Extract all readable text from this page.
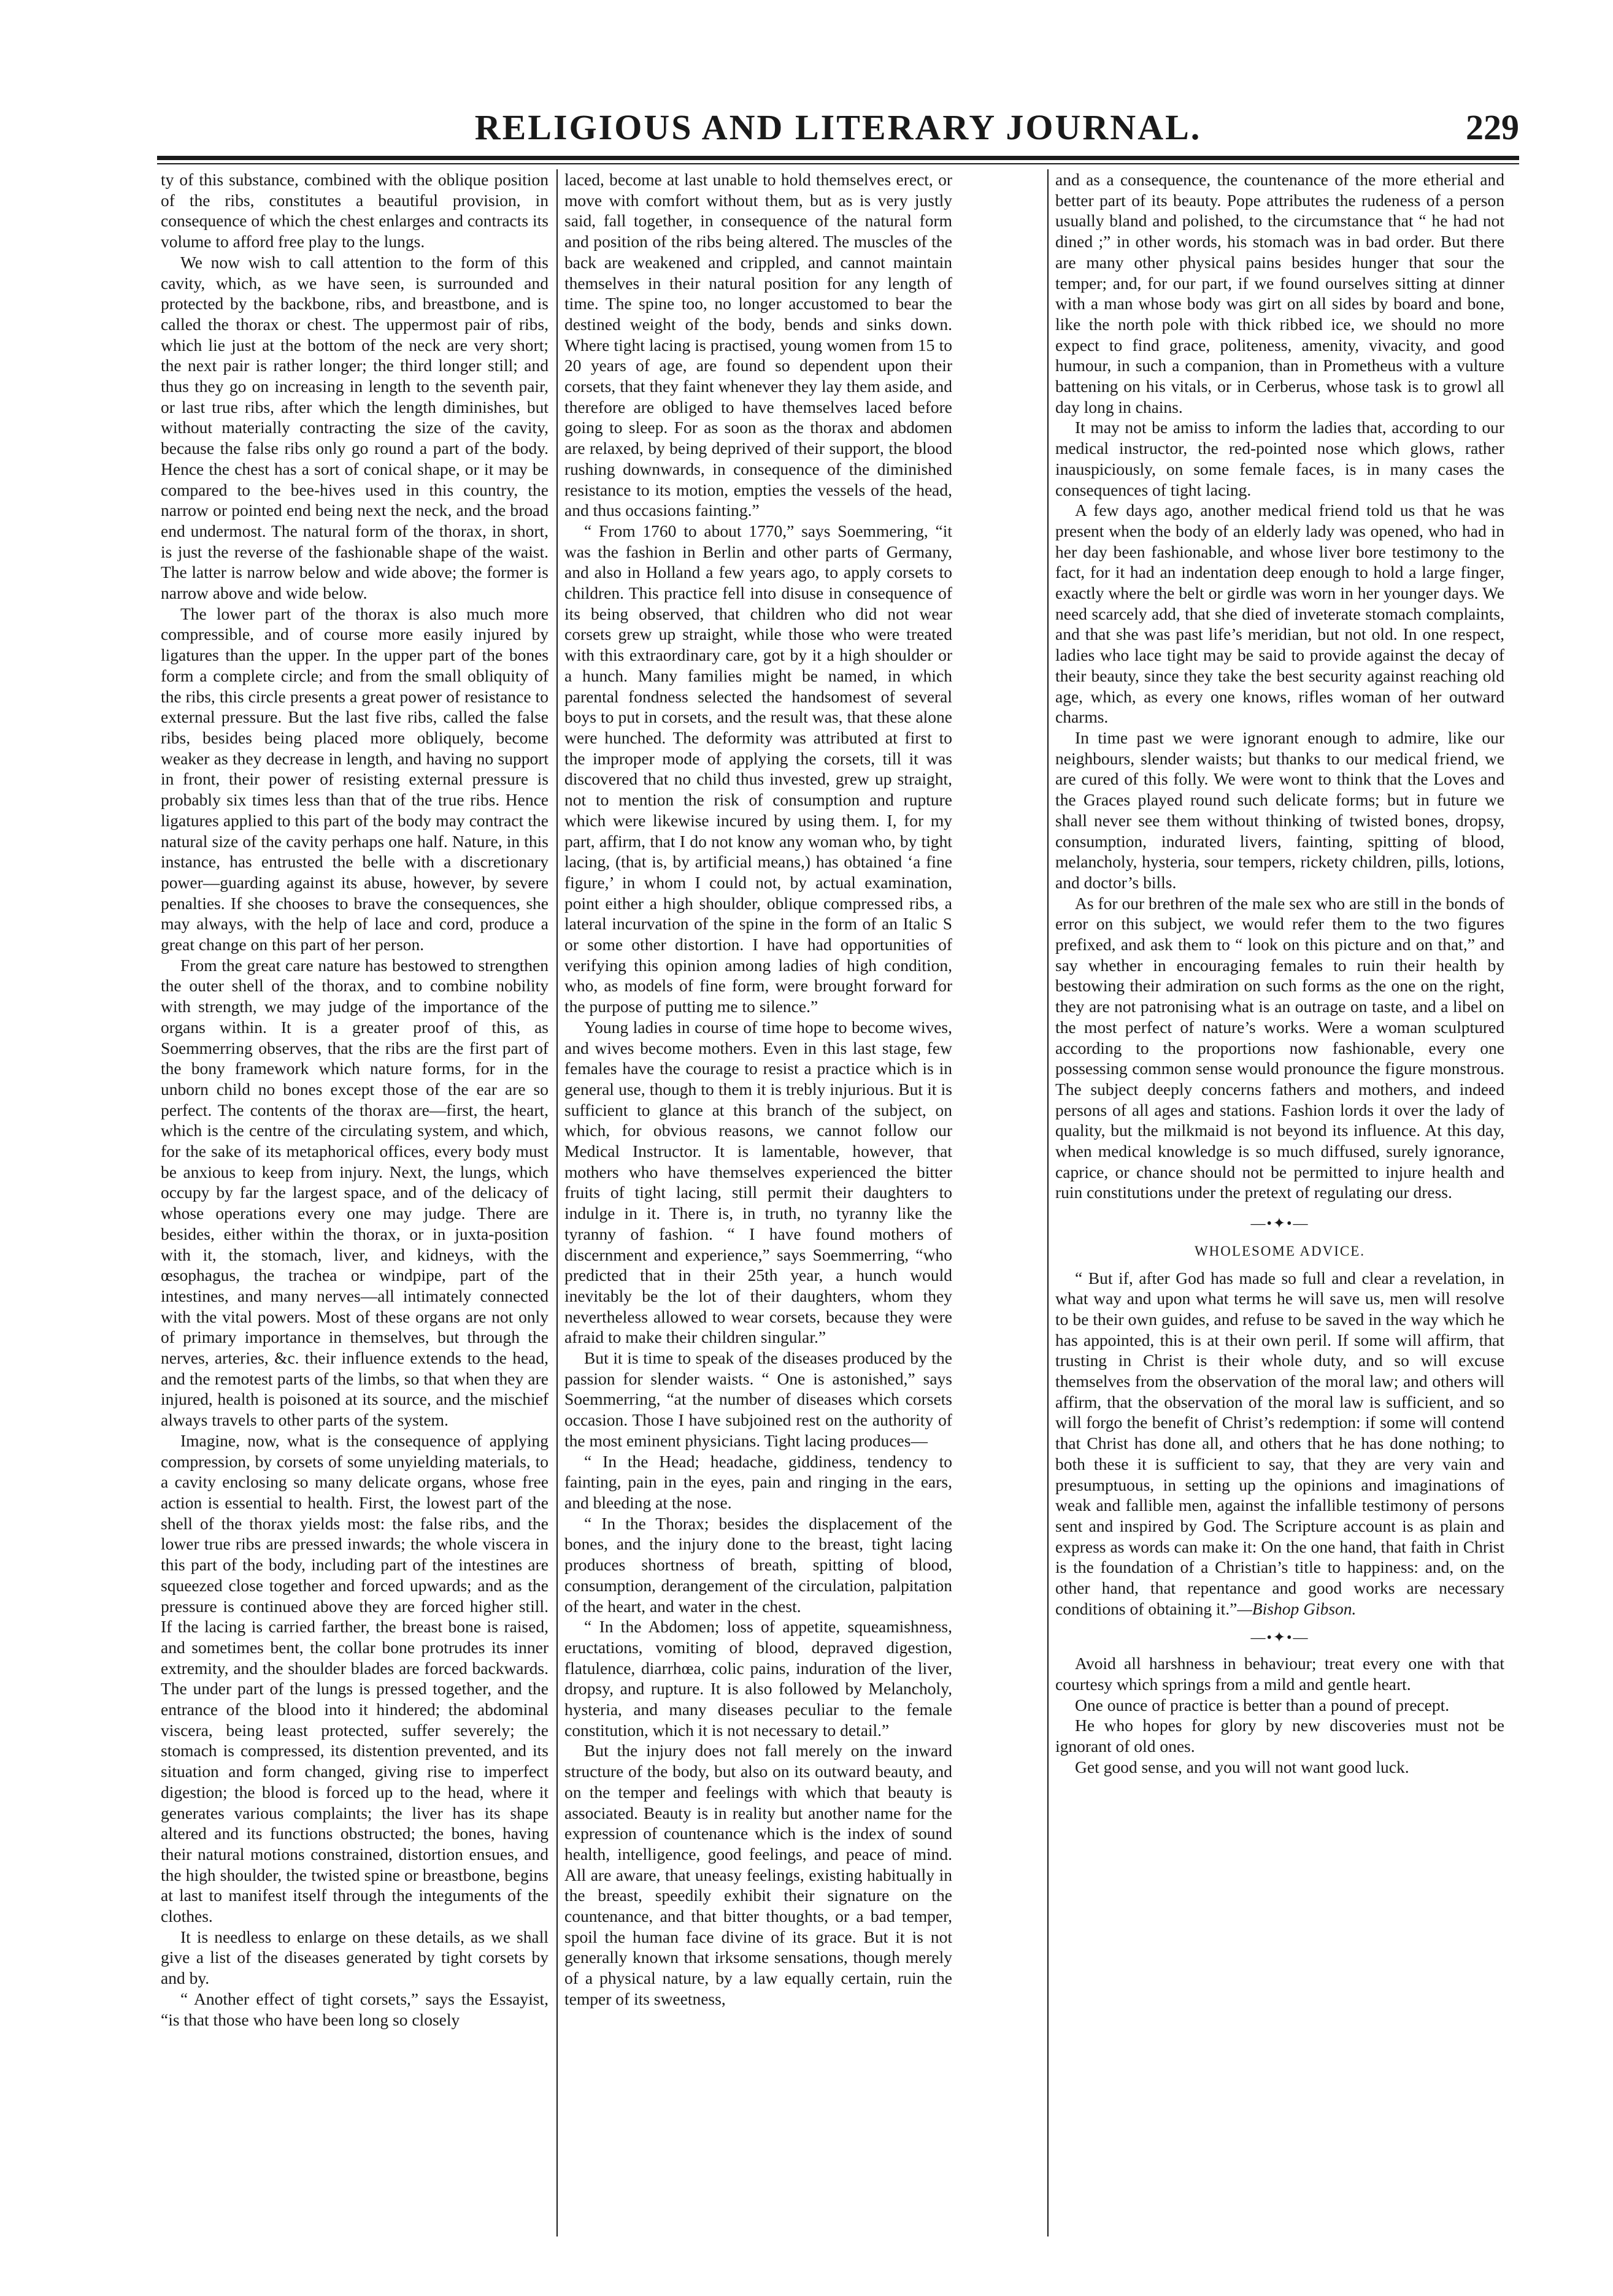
RELIGIOUS AND LITERARY JOURNAL.	229

ty of this substance, combined with the oblique position of the ribs, constitutes a beautiful provision, in consequence of which the chest enlarges and contracts its volume to afford free play to the lungs.

We now wish to call attention to the form of this cavity, which, as we have seen, is surrounded and protected by the backbone, ribs, and breastbone, and is called the thorax or chest. The uppermost pair of ribs, which lie just at the bottom of the neck are very short; the next pair is rather longer; the third longer still; and thus they go on increasing in length to the seventh pair, or last true ribs, after which the length diminishes, but without materially contracting the size of the cavity, because the false ribs only go round a part of the body. Hence the chest has a sort of conical shape, or it may be compared to the bee-hives used in this country, the narrow or pointed end being next the neck, and the broad end undermost. The natural form of the thorax, in short, is just the reverse of the fashionable shape of the waist. The latter is narrow below and wide above; the former is narrow above and wide below.

The lower part of the thorax is also much more compressible, and of course more easily injured by ligatures than the upper. In the upper part of the bones form a complete circle; and from the small obliquity of the ribs, this circle presents a great power of resistance to external pressure. But the last five ribs, called the false ribs, besides being placed more obliquely, become weaker as they decrease in length, and having no support in front, their power of resisting external pressure is probably six times less than that of the true ribs. Hence ligatures applied to this part of the body may contract the natural size of the cavity perhaps one half. Nature, in this instance, has entrusted the belle with a discretionary power—guarding against its abuse, however, by severe penalties. If she chooses to brave the consequences, she may always, with the help of lace and cord, produce a great change on this part of her person.

From the great care nature has bestowed to strengthen the outer shell of the thorax, and to combine nobility with strength, we may judge of the importance of the organs within. It is a greater proof of this, as Soemmerring observes, that the ribs are the first part of the bony framework which nature forms, for in the unborn child no bones except those of the ear are so perfect. The contents of the thorax are—first, the heart, which is the centre of the circulating system, and which, for the sake of its metaphorical offices, every body must be anxious to keep from injury. Next, the lungs, which occupy by far the largest space, and of the delicacy of whose operations every one may judge. There are besides, either within the thorax, or in juxta-position with it, the stomach, liver, and kidneys, with the œsophagus, the trachea or windpipe, part of the intestines, and many nerves—all intimately connected with the vital powers. Most of these organs are not only of primary importance in themselves, but through the nerves, arteries, &c. their influence extends to the head, and the remotest parts of the limbs, so that when they are injured, health is poisoned at its source, and the mischief always travels to other parts of the system.

Imagine, now, what is the consequence of applying compression, by corsets of some unyielding materials, to a cavity enclosing so many delicate organs, whose free action is essential to health. First, the lowest part of the shell of the thorax yields most: the false ribs, and the lower true ribs are pressed inwards; the whole viscera in this part of the body, including part of the intestines are squeezed close together and forced upwards; and as the pressure is continued above they are forced higher still. If the lacing is carried farther, the breast bone is raised, and sometimes bent, the collar bone protrudes its inner extremity, and the shoulder blades are forced backwards. The under part of the lungs is pressed together, and the entrance of the blood into it hindered; the abdominal viscera, being least protected, suffer severely; the stomach is compressed, its distention prevented, and its situation and form changed, giving rise to imperfect digestion; the blood is forced up to the head, where it generates various complaints; the liver has its shape altered and its functions obstructed; the bones, having their natural motions constrained, distortion ensues, and the high shoulder, the twisted spine or breastbone, begins at last to manifest itself through the integuments of the clothes.

It is needless to enlarge on these details, as we shall give a list of the diseases generated by tight corsets by and by.

“ Another effect of tight corsets,” says the Essayist, “is that those who have been long so closely

laced, become at last unable to hold themselves erect, or move with comfort without them, but as is very justly said, fall together, in consequence of the natural form and position of the ribs being altered. The muscles of the back are weakened and crippled, and cannot maintain themselves in their natural position for any length of time. The spine too, no longer accustomed to bear the destined weight of the body, bends and sinks down. Where tight lacing is practised, young women from 15 to 20 years of age, are found so dependent upon their corsets, that they faint whenever they lay them aside, and therefore are obliged to have themselves laced before going to sleep. For as soon as the thorax and abdomen are relaxed, by being deprived of their support, the blood rushing downwards, in consequence of the diminished resistance to its motion, empties the vessels of the head, and thus occasions fainting.”

“ From 1760 to about 1770,” says Soemmering, “it was the fashion in Berlin and other parts of Germany, and also in Holland a few years ago, to apply corsets to children. This practice fell into disuse in consequence of its being observed, that children who did not wear corsets grew up straight, while those who were treated with this extraordinary care, got by it a high shoulder or a hunch. Many families might be named, in which parental fondness selected the handsomest of several boys to put in corsets, and the result was, that these alone were hunched. The deformity was attributed at first to the improper mode of applying the corsets, till it was discovered that no child thus invested, grew up straight, not to mention the risk of consumption and rupture which were likewise incured by using them. I, for my part, affirm, that I do not know any woman who, by tight lacing, (that is, by artificial means,) has obtained ‘a fine figure,’ in whom I could not, by actual examination, point either a high shoulder, oblique compressed ribs, a lateral incurvation of the spine in the form of an Italic S or some other distortion. I have had opportunities of verifying this opinion among ladies of high condition, who, as models of fine form, were brought forward for the purpose of putting me to silence.”

Young ladies in course of time hope to become wives, and wives become mothers. Even in this last stage, few females have the courage to resist a practice which is in general use, though to them it is trebly injurious. But it is sufficient to glance at this branch of the subject, on which, for obvious reasons, we cannot follow our Medical Instructor. It is lamentable, however, that mothers who have themselves experienced the bitter fruits of tight lacing, still permit their daughters to indulge in it. There is, in truth, no tyranny like the tyranny of fashion. “ I have found mothers of discernment and experience,” says Soemmerring, “who predicted that in their 25th year, a hunch would inevitably be the lot of their daughters, whom they nevertheless allowed to wear corsets, because they were afraid to make their children singular.”

But it is time to speak of the diseases produced by the passion for slender waists. “ One is astonished,” says Soemmerring, “at the number of diseases which corsets occasion. Those I have subjoined rest on the authority of the most eminent physicians. Tight lacing produces—

“ In the Head; headache, giddiness, tendency to fainting, pain in the eyes, pain and ringing in the ears, and bleeding at the nose.

“ In the Thorax; besides the displacement of the bones, and the injury done to the breast, tight lacing produces shortness of breath, spitting of blood, consumption, derangement of the circulation, palpitation of the heart, and water in the chest.

“ In the Abdomen; loss of appetite, squeamishness, eructations, vomiting of blood, depraved digestion, flatulence, diarrhœa, colic pains, induration of the liver, dropsy, and rupture. It is also followed by Melancholy, hysteria, and many diseases peculiar to the female constitution, which it is not necessary to detail.”

But the injury does not fall merely on the inward structure of the body, but also on its outward beauty, and on the temper and feelings with which that beauty is associated. Beauty is in reality but another name for the expression of countenance which is the index of sound health, intelligence, good feelings, and peace of mind. All are aware, that uneasy feelings, existing habitually in the breast, speedily exhibit their signature on the countenance, and that bitter thoughts, or a bad temper, spoil the human face divine of its grace. But it is not generally known that irksome sensations, though merely of a physical nature, by a law equally certain, ruin the temper of its sweetness,

and as a consequence, the countenance of the more etherial and better part of its beauty. Pope attributes the rudeness of a person usually bland and polished, to the circumstance that “ he had not dined ;” in other words, his stomach was in bad order. But there are many other physical pains besides hunger that sour the temper; and, for our part, if we found ourselves sitting at dinner with a man whose body was girt on all sides by board and bone, like the north pole with thick ribbed ice, we should no more expect to find grace, politeness, amenity, vivacity, and good humour, in such a companion, than in Prometheus with a vulture battening on his vitals, or in Cerberus, whose task is to growl all day long in chains.

It may not be amiss to inform the ladies that, according to our medical instructor, the red-pointed nose which glows, rather inauspiciously, on some female faces, is in many cases the consequences of tight lacing.

A few days ago, another medical friend told us that he was present when the body of an elderly lady was opened, who had in her day been fashionable, and whose liver bore testimony to the fact, for it had an indentation deep enough to hold a large finger, exactly where the belt or girdle was worn in her younger days. We need scarcely add, that she died of inveterate stomach complaints, and that she was past life’s meridian, but not old. In one respect, ladies who lace tight may be said to provide against the decay of their beauty, since they take the best security against reaching old age, which, as every one knows, rifles woman of her outward charms.

In time past we were ignorant enough to admire, like our neighbours, slender waists; but thanks to our medical friend, we are cured of this folly. We were wont to think that the Loves and the Graces played round such delicate forms; but in future we shall never see them without thinking of twisted bones, dropsy, consumption, indurated livers, fainting, spitting of blood, melancholy, hysteria, sour tempers, rickety children, pills, lotions, and doctor’s bills.

As for our brethren of the male sex who are still in the bonds of error on this subject, we would refer them to the two figures prefixed, and ask them to “ look on this picture and on that,” and say whether in encouraging females to ruin their health by bestowing their admiration on such forms as the one on the right, they are not patronising what is an outrage on taste, and a libel on the most perfect of nature’s works. Were a woman sculptured according to the proportions now fashionable, every one possessing common sense would pronounce the figure monstrous. The subject deeply concerns fathers and mothers, and indeed persons of all ages and stations. Fashion lords it over the lady of quality, but the milkmaid is not beyond its influence. At this day, when medical knowledge is so much diffused, surely ignorance, caprice, or chance should not be permitted to injure health and ruin constitutions under the pretext of regulating our dress.

—•✦•—
WHOLESOME ADVICE.

“ But if, after God has made so full and clear a revelation, in what way and upon what terms he will save us, men will resolve to be their own guides, and refuse to be saved in the way which he has appointed, this is at their own peril. If some will affirm, that trusting in Christ is their whole duty, and so will excuse themselves from the observation of the moral law; and others will affirm, that the observation of the moral law is sufficient, and so will forgo the benefit of Christ’s redemption: if some will contend that Christ has done all, and others that he has done nothing; to both these it is sufficient to say, that they are very vain and presumptuous, in setting up the opinions and imaginations of weak and fallible men, against the infallible testimony of persons sent and inspired by God. The Scripture account is as plain and express as words can make it: On the one hand, that faith in Christ is the foundation of a Christian’s title to happiness: and, on the other hand, that repentance and good works are necessary conditions of obtaining it.”—Bishop Gibson.

—•✦•—

Avoid all harshness in behaviour; treat every one with that courtesy which springs from a mild and gentle heart.

One ounce of practice is better than a pound of precept.

He who hopes for glory by new discoveries must not be ignorant of old ones.

Get good sense, and you will not want good luck.
